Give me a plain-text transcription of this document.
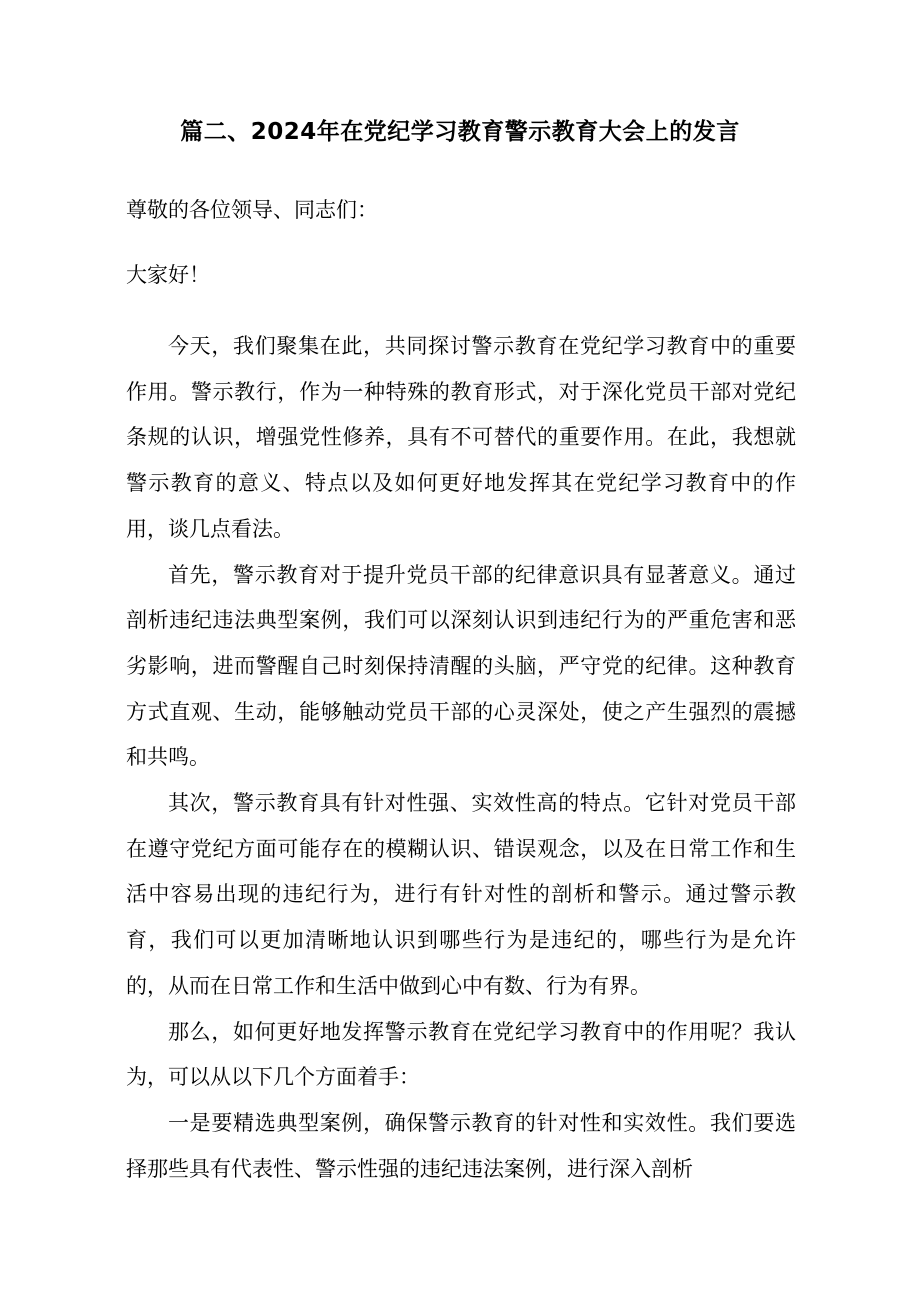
篇二、2024年在党纪学习教育警示教育大会上的发言

尊敬的各位领导、同志们：

大家好！

今天，我们聚集在此，共同探讨警示教育在党纪学习教育中的重要作用。警示教行，作为一种特殊的教育形式，对于深化党员干部对党纪条规的认识，增强党性修养，具有不可替代的重要作用。在此，我想就警示教育的意义、特点以及如何更好地发挥其在党纪学习教育中的作用，谈几点看法。

首先，警示教育对于提升党员干部的纪律意识具有显著意义。通过剖析违纪违法典型案例，我们可以深刻认识到违纪行为的严重危害和恶劣影响，进而警醒自己时刻保持清醒的头脑，严守党的纪律。这种教育方式直观、生动，能够触动党员干部的心灵深处，使之产生强烈的震撼和共鸣。

其次，警示教育具有针对性强、实效性高的特点。它针对党员干部在遵守党纪方面可能存在的模糊认识、错误观念，以及在日常工作和生活中容易出现的违纪行为，进行有针对性的剖析和警示。通过警示教育，我们可以更加清晰地认识到哪些行为是违纪的，哪些行为是允许的，从而在日常工作和生活中做到心中有数、行为有界。

那么，如何更好地发挥警示教育在党纪学习教育中的作用呢？我认为，可以从以下几个方面着手：

一是要精选典型案例，确保警示教育的针对性和实效性。我们要选择那些具有代表性、警示性强的违纪违法案例，进行深入剖析
